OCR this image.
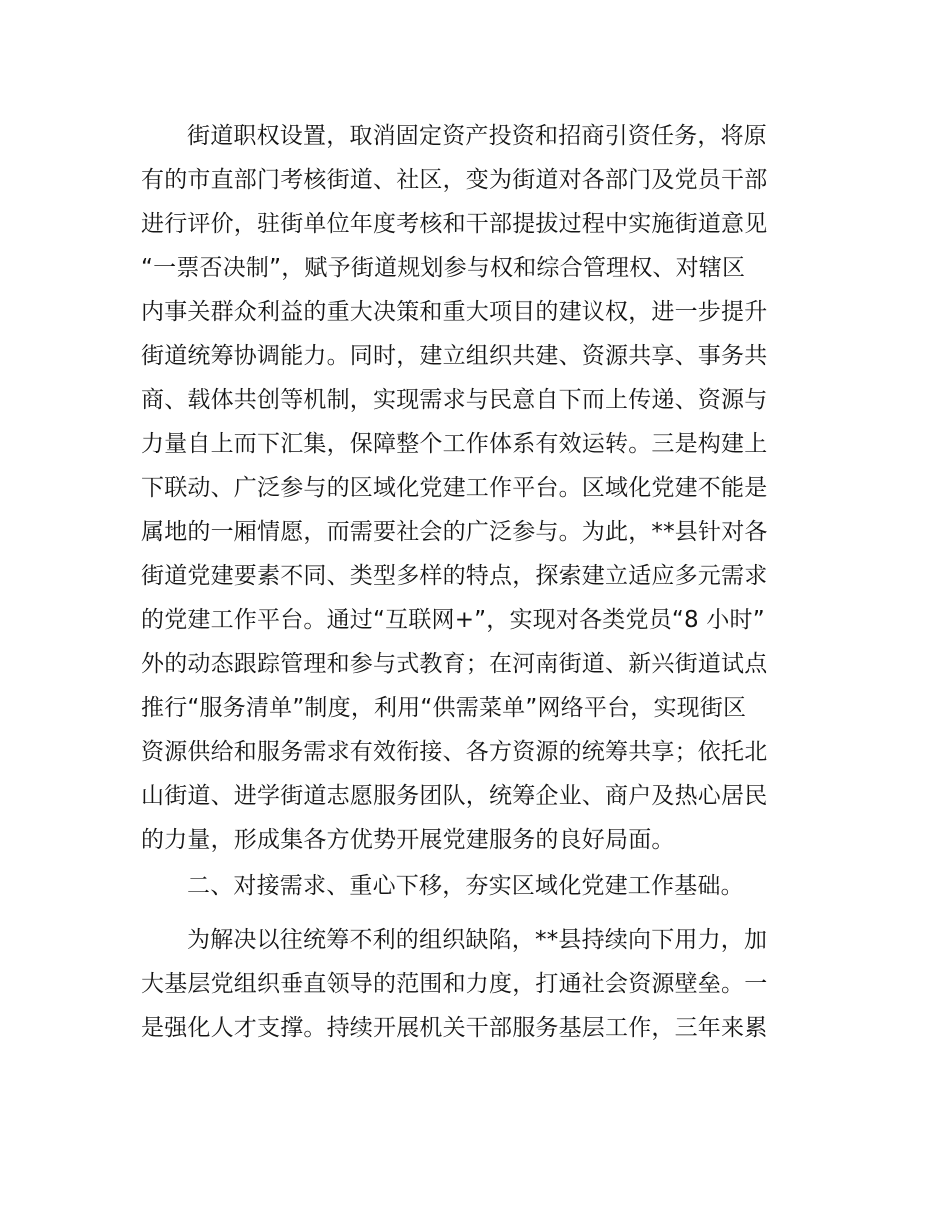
街道职权设置，取消固定资产投资和招商引资任务，将原
有的市直部门考核街道、社区，变为街道对各部门及党员干部
进行评价，驻街单位年度考核和干部提拔过程中实施街道意见
“一票否决制”，赋予街道规划参与权和综合管理权、对辖区
内事关群众利益的重大决策和重大项目的建议权，进一步提升
街道统筹协调能力。同时，建立组织共建、资源共享、事务共
商、载体共创等机制，实现需求与民意自下而上传递、资源与
力量自上而下汇集，保障整个工作体系有效运转。三是构建上
下联动、广泛参与的区域化党建工作平台。区域化党建不能是
属地的一厢情愿，而需要社会的广泛参与。为此，**县针对各
街道党建要素不同、类型多样的特点，探索建立适应多元需求
的党建工作平台。通过“互联网+”，实现对各类党员“8 小时”
外的动态跟踪管理和参与式教育；在河南街道、新兴街道试点
推行“服务清单”制度，利用“供需菜单”网络平台，实现街区
资源供给和服务需求有效衔接、各方资源的统筹共享；依托北
山街道、进学街道志愿服务团队，统筹企业、商户及热心居民
的力量，形成集各方优势开展党建服务的良好局面。

二、对接需求、重心下移，夯实区域化党建工作基础。

为解决以往统筹不利的组织缺陷，**县持续向下用力，加
大基层党组织垂直领导的范围和力度，打通社会资源壁垒。一
是强化人才支撑。持续开展机关干部服务基层工作，三年来累
